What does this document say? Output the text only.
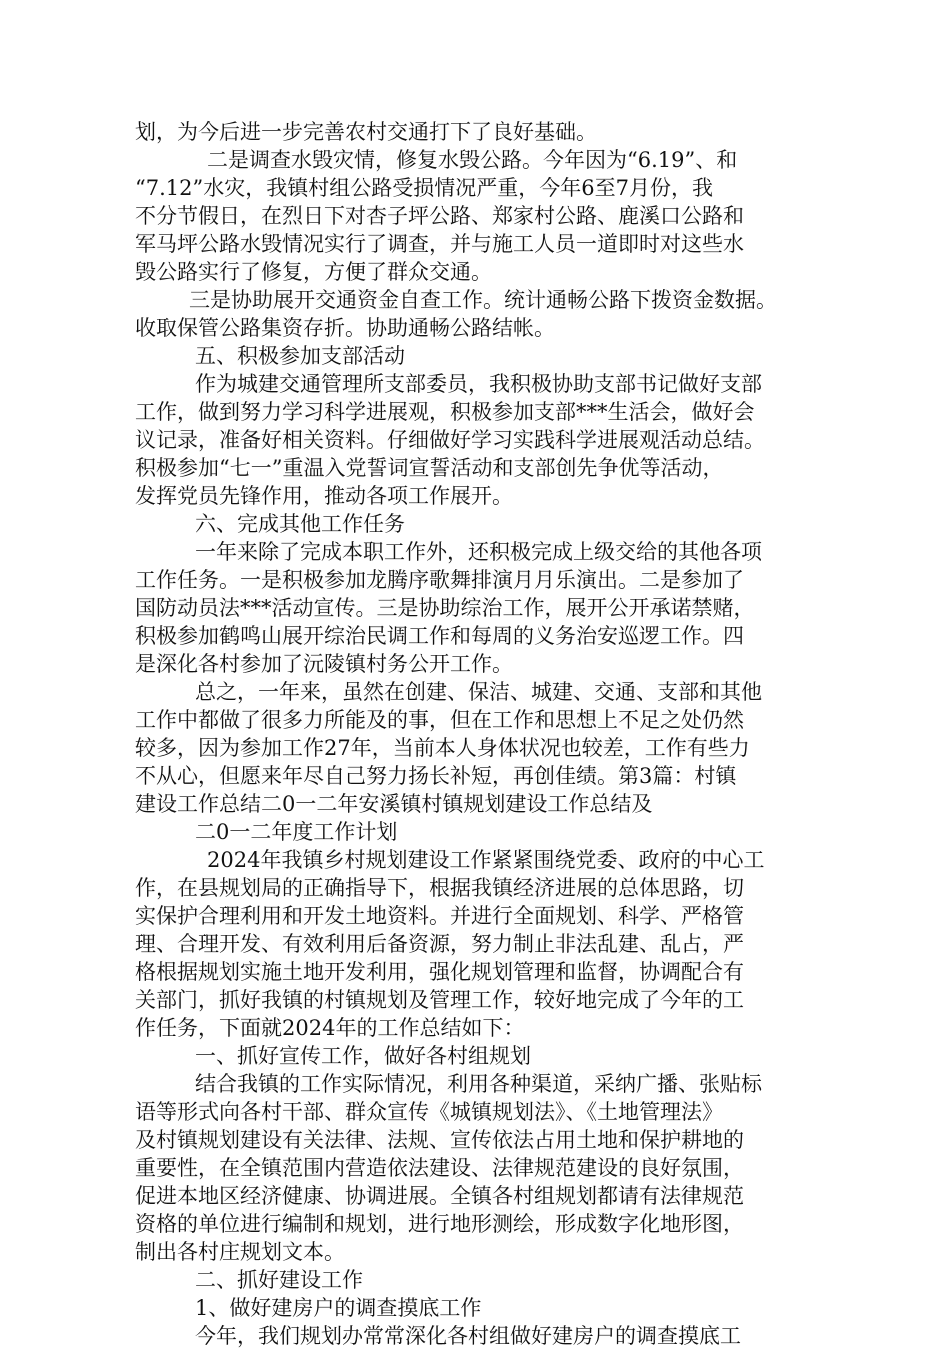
划，为今后进一步完善农村交通打下了良好基础。
二是调查水毁灾情，修复水毁公路。今年因为“6.19”、和
“7.12”水灾，我镇村组公路受损情况严重，今年6至7月份，我
不分节假日，在烈日下对杏子坪公路、郑家村公路、鹿溪口公路和
军马坪公路水毁情况实行了调查，并与施工人员一道即时对这些水
毁公路实行了修复，方便了群众交通。
三是协助展开交通资金自查工作。统计通畅公路下拨资金数据。
收取保管公路集资存折。协助通畅公路结帐。
五、积极参加支部活动
作为城建交通管理所支部委员，我积极协助支部书记做好支部
工作，做到努力学习科学进展观，积极参加支部***生活会，做好会
议记录，准备好相关资料。仔细做好学习实践科学进展观活动总结。
积极参加“七一”重温入党誓词宣誓活动和支部创先争优等活动，
发挥党员先锋作用，推动各项工作展开。
六、完成其他工作任务
一年来除了完成本职工作外，还积极完成上级交给的其他各项
工作任务。一是积极参加龙腾序歌舞排演月月乐演出。二是参加了
国防动员法***活动宣传。三是协助综治工作，展开公开承诺禁赌，
积极参加鹤鸣山展开综治民调工作和每周的义务治安巡逻工作。四
是深化各村参加了沅陵镇村务公开工作。
总之，一年来，虽然在创建、保洁、城建、交通、支部和其他
工作中都做了很多力所能及的事，但在工作和思想上不足之处仍然
较多，因为参加工作27年，当前本人身体状况也较差，工作有些力
不从心，但愿来年尽自己努力扬长补短，再创佳绩。第3篇：村镇
建设工作总结二0一二年安溪镇村镇规划建设工作总结及
二0一二年度工作计划
2024年我镇乡村规划建设工作紧紧围绕党委、政府的中心工
作，在县规划局的正确指导下，根据我镇经济进展的总体思路，切
实保护合理利用和开发土地资料。并进行全面规划、科学、严格管
理、合理开发、有效利用后备资源，努力制止非法乱建、乱占，严
格根据规划实施土地开发利用，强化规划管理和监督，协调配合有
关部门，抓好我镇的村镇规划及管理工作，较好地完成了今年的工
作任务，下面就2024年的工作总结如下：
一、抓好宣传工作，做好各村组规划
结合我镇的工作实际情况，利用各种渠道，采纳广播、张贴标
语等形式向各村干部、群众宣传《城镇规划法》、《土地管理法》
及村镇规划建设有关法律、法规、宣传依法占用土地和保护耕地的
重要性，在全镇范围内营造依法建设、法律规范建设的良好氛围，
促进本地区经济健康、协调进展。全镇各村组规划都请有法律规范
资格的单位进行编制和规划，进行地形测绘，形成数字化地形图，
制出各村庄规划文本。
二、抓好建设工作
1、做好建房户的调查摸底工作
今年，我们规划办常常深化各村组做好建房户的调查摸底工
